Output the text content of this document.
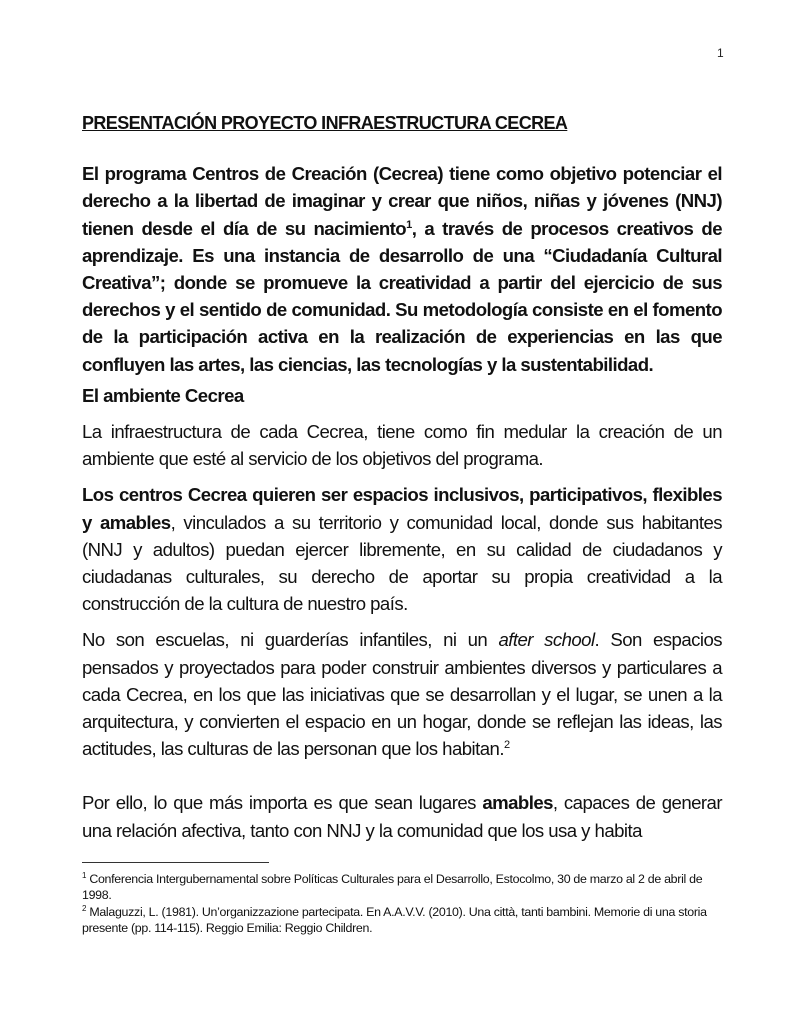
1

PRESENTACIÓN PROYECTO INFRAESTRUCTURA CECREA

El programa Centros de Creación (Cecrea) tiene como objetivo potenciar el derecho a la libertad de imaginar y crear que niños, niñas y jóvenes (NNJ) tienen desde el día de su nacimiento$^1$, a través de procesos creativos de aprendizaje. Es una instancia de desarrollo de una “Ciudadanía Cultural Creativa”; donde se promueve la creatividad a partir del ejercicio de sus derechos y el sentido de comunidad. Su metodología consiste en el fomento de la participación activa en la realización de experiencias en las que confluyen las artes, las ciencias, las tecnologías y la sustentabilidad.

El ambiente Cecrea

La infraestructura de cada Cecrea, tiene como fin medular la creación de un ambiente que esté al servicio de los objetivos del programa.

Los centros Cecrea quieren ser espacios inclusivos, participativos, flexibles y amables, vinculados a su territorio y comunidad local, donde sus habitantes (NNJ y adultos) puedan ejercer libremente, en su calidad de ciudadanos y ciudadanas culturales, su derecho de aportar su propia creatividad a la construcción de la cultura de nuestro país.

No son escuelas, ni guarderías infantiles, ni un after school. Son espacios pensados y proyectados para poder construir ambientes diversos y particulares a cada Cecrea, en los que las iniciativas que se desarrollan y el lugar, se unen a la arquitectura, y convierten el espacio en un hogar, donde se reflejan las ideas, las actitudes, las culturas de las personan que los habitan.$^2$

Por ello, lo que más importa es que sean lugares amables, capaces de generar una relación afectiva, tanto con NNJ y la comunidad que los usa y habita

$^1$ Conferencia Intergubernamental sobre Políticas Culturales para el Desarrollo, Estocolmo, 30 de marzo al 2 de abril de 1998.

$^2$ Malaguzzi, L. (1981). Un’organizzazione partecipata. En A.A.V.V. (2010). Una città, tanti bambini. Memorie di una storia presente (pp. 114-115). Reggio Emilia: Reggio Children.
